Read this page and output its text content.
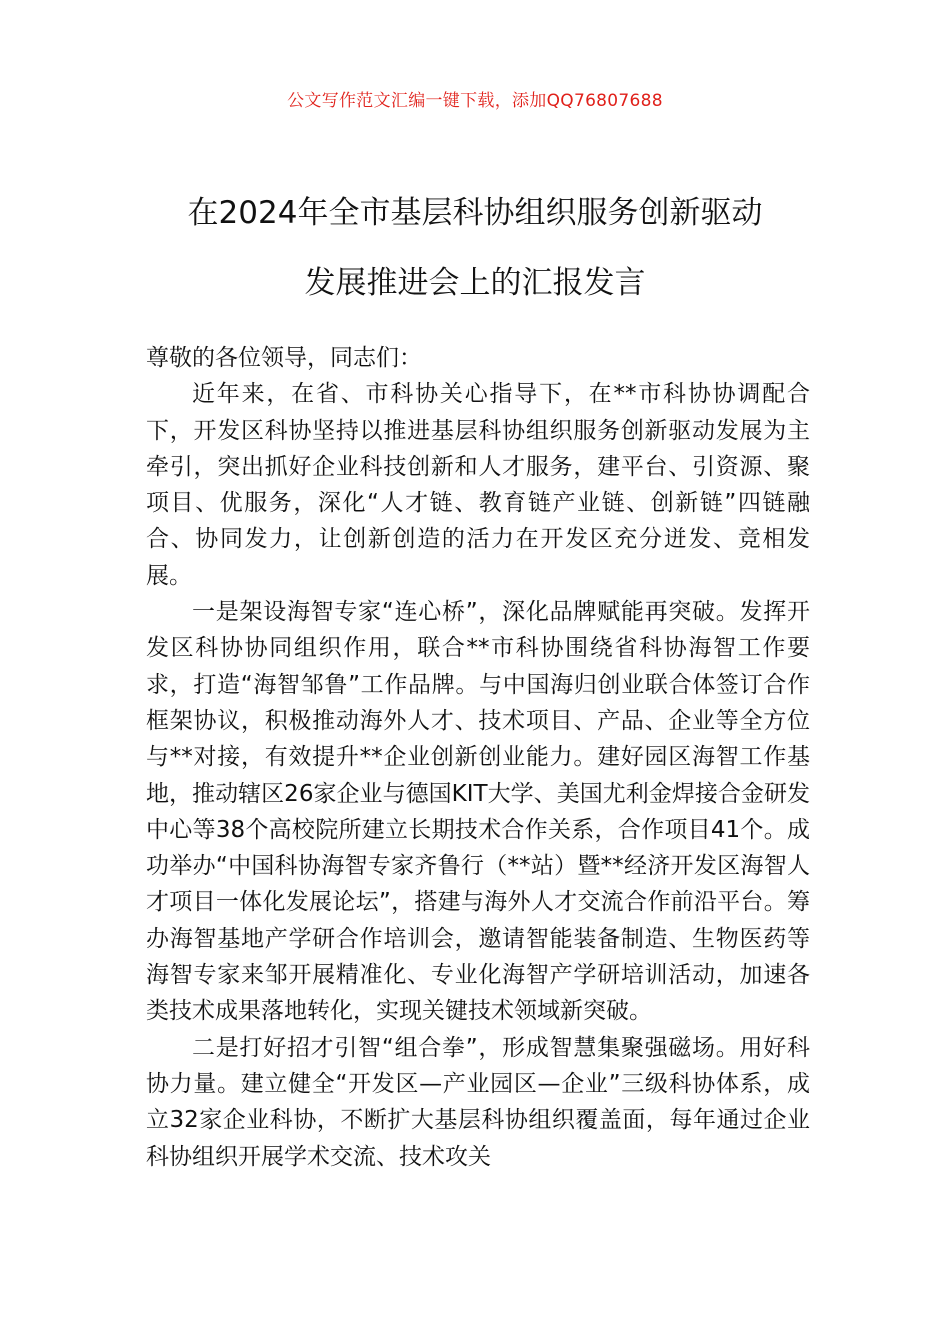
公文写作范文汇编一键下载，添加QQ76807688
在2024年全市基层科协组织服务创新驱动
发展推进会上的汇报发言

尊敬的各位领导，同志们：

近年来，在省、市科协关心指导下，在**市科协协调配合下，开发区科协坚持以推进基层科协组织服务创新驱动发展为主牵引，突出抓好企业科技创新和人才服务，建平台、引资源、聚项目、优服务，深化“人才链、教育链产业链、创新链”四链融合、协同发力，让创新创造的活力在开发区充分迸发、竞相发展。

一是架设海智专家“连心桥”，深化品牌赋能再突破。发挥开发区科协协同组织作用，联合**市科协围绕省科协海智工作要求，打造“海智邹鲁”工作品牌。与中国海归创业联合体签订合作框架协议，积极推动海外人才、技术项目、产品、企业等全方位与**对接，有效提升**企业创新创业能力。建好园区海智工作基地，推动辖区26家企业与德国KIT大学、美国尤利金焊接合金研发中心等38个高校院所建立长期技术合作关系，合作项目41个。成功举办“中国科协海智专家齐鲁行（**站）暨**经济开发区海智人才项目一体化发展论坛”，搭建与海外人才交流合作前沿平台。筹办海智基地产学研合作培训会，邀请智能装备制造、生物医药等海智专家来邹开展精准化、专业化海智产学研培训活动，加速各类技术成果落地转化，实现关键技术领域新突破。

二是打好招才引智“组合拳”，形成智慧集聚强磁场。用好科协力量。建立健全“开发区—产业园区—企业”三级科协体系，成立32家企业科协，不断扩大基层科协组织覆盖面，每年通过企业科协组织开展学术交流、技术攻关
